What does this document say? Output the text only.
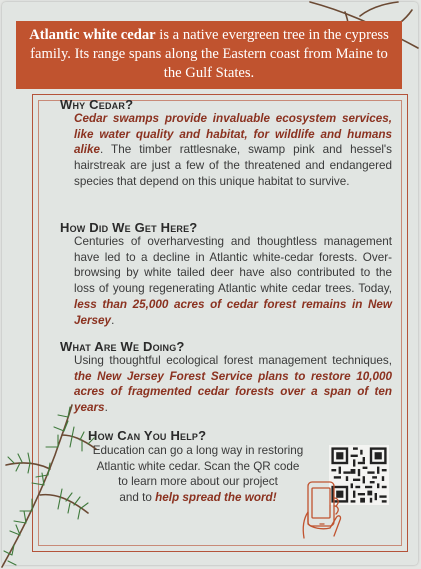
Atlantic white cedar is a native evergreen tree in the cypress family. Its range spans along the Eastern coast from Maine to the Gulf States.
Why Cedar?
Cedar swamps provide invaluable ecosystem services, like water quality and habitat, for wildlife and humans alike. The timber rattlesnake, swamp pink and hessel's hairstreak are just a few of the threatened and endangered species that depend on this unique habitat to survive.
How Did We Get Here?
Centuries of overharvesting and thoughtless management have led to a decline in Atlantic white-cedar forests. Over-browsing by white tailed deer have also contributed to the loss of young regenerating Atlantic white cedar trees. Today, less than 25,000 acres of cedar forest remains in New Jersey.
What Are We Doing?
Using thoughtful ecological forest management techniques, the New Jersey Forest Service plans to restore 10,000 acres of fragmented cedar forests over a span of ten years.
How Can You Help?
Education can go a long way in restoring
Atlantic white cedar. Scan the QR code
to learn more about our project
and to help spread the word!
